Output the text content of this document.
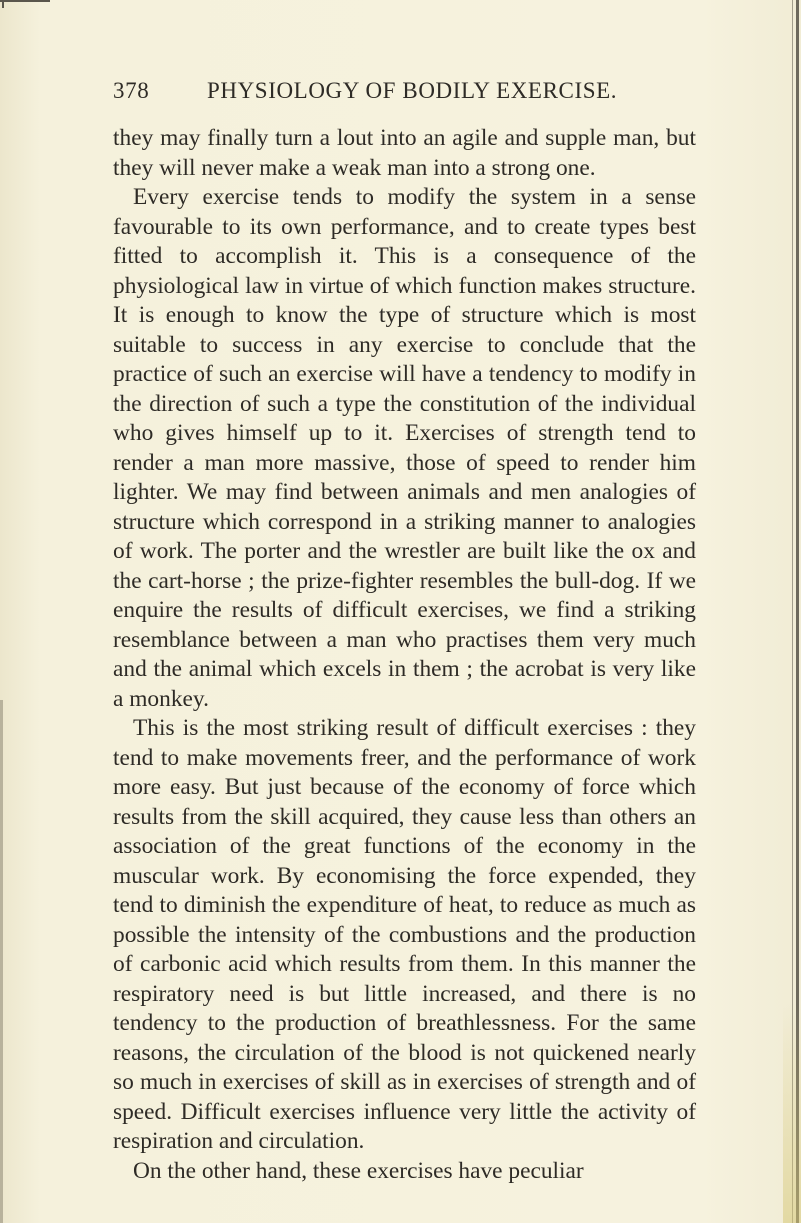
378	PHYSIOLOGY OF BODILY EXERCISE.

they may finally turn a lout into an agile and supple man, but they will never make a weak man into a strong one.

Every exercise tends to modify the system in a sense favourable to its own performance, and to create types best fitted to accomplish it. This is a consequence of the physiological law in virtue of which function makes structure. It is enough to know the type of structure which is most suitable to success in any exercise to conclude that the practice of such an exercise will have a tendency to modify in the direction of such a type the constitution of the individual who gives himself up to it. Exercises of strength tend to render a man more massive, those of speed to render him lighter. We may find between animals and men analogies of structure which correspond in a striking manner to analogies of work. The porter and the wrestler are built like the ox and the cart-horse ; the prize-fighter resembles the bull-dog. If we enquire the results of difficult exercises, we find a striking resemblance between a man who practises them very much and the animal which excels in them ; the acrobat is very like a monkey.

This is the most striking result of difficult exercises : they tend to make movements freer, and the performance of work more easy. But just because of the economy of force which results from the skill acquired, they cause less than others an association of the great functions of the economy in the muscular work. By economising the force expended, they tend to diminish the expenditure of heat, to reduce as much as possible the intensity of the combustions and the production of carbonic acid which results from them. In this manner the respiratory need is but little increased, and there is no tendency to the production of breathlessness. For the same reasons, the circulation of the blood is not quickened nearly so much in exercises of skill as in exercises of strength and of speed. Difficult exercises influence very little the activity of respiration and circulation.

On the other hand, these exercises have peculiar
